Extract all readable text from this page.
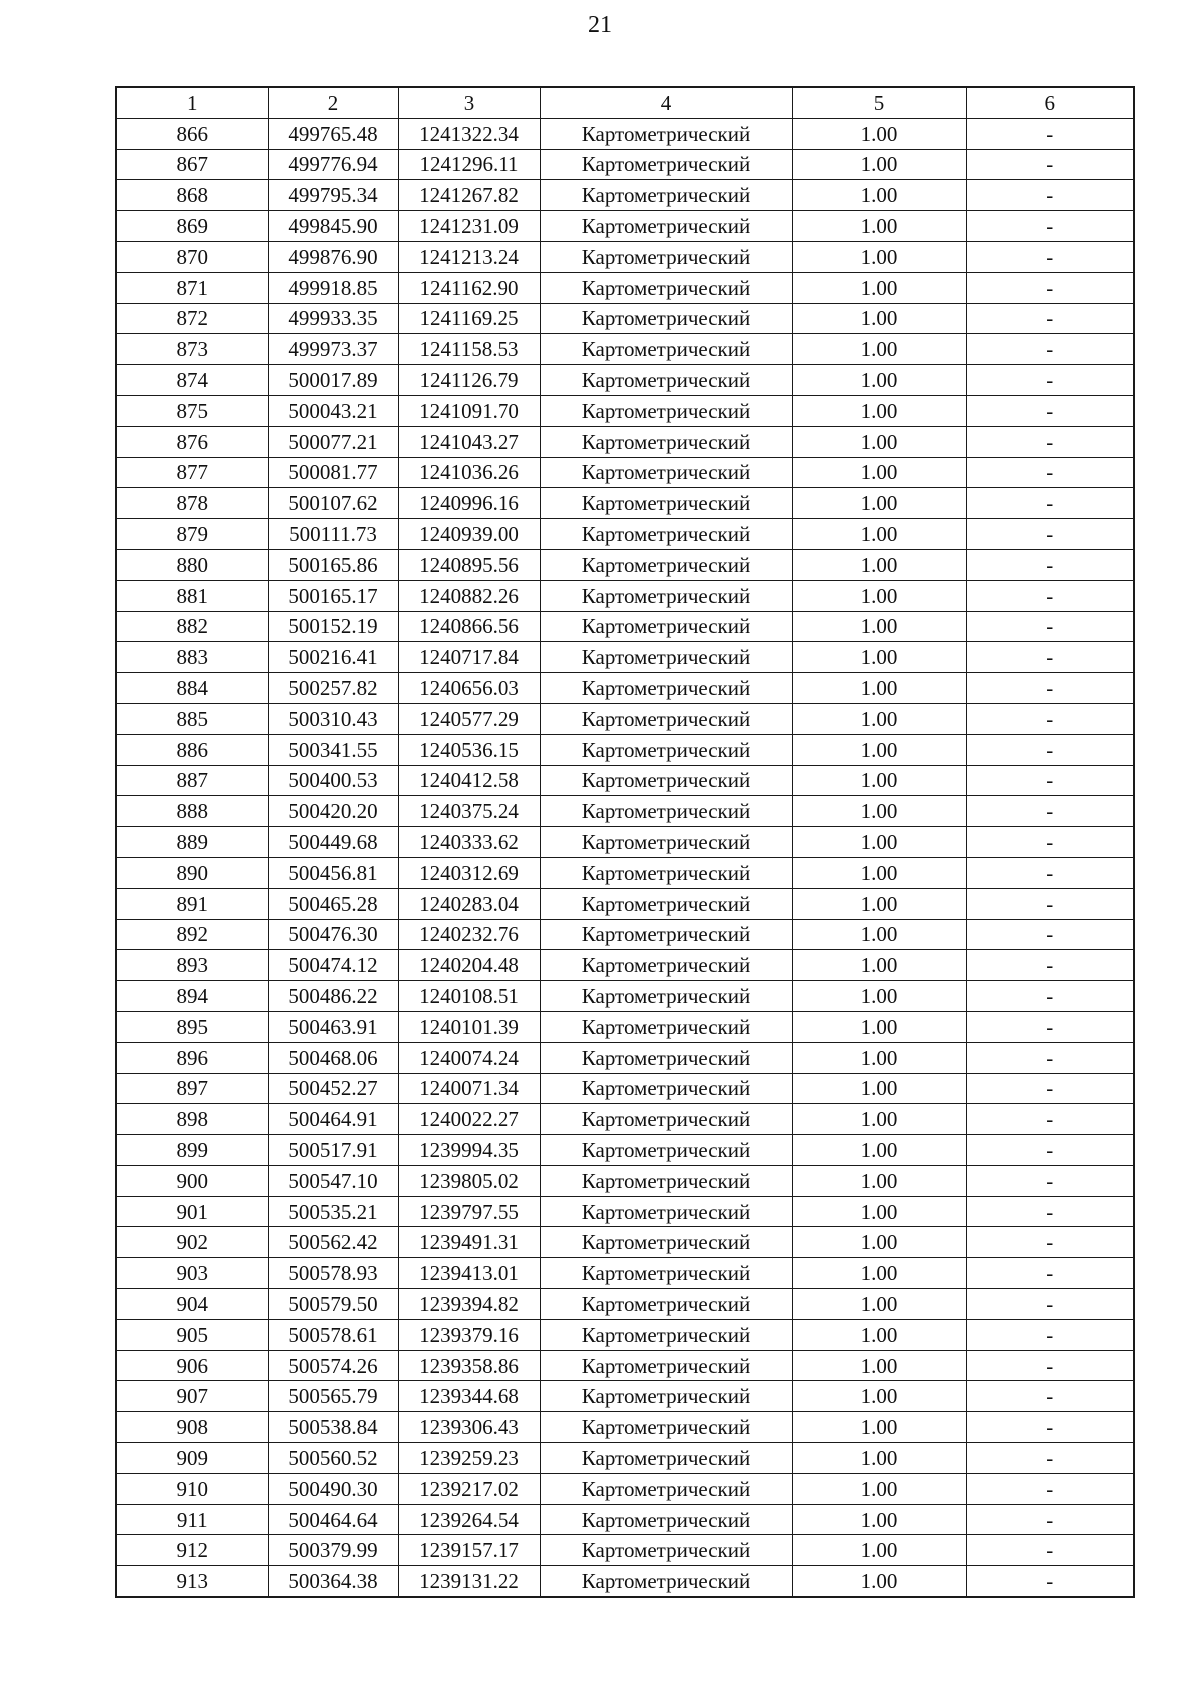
21
1	2	3	4	5	6
866	499765.48	1241322.34	Картометрический	1.00	-
867	499776.94	1241296.11	Картометрический	1.00	-
868	499795.34	1241267.82	Картометрический	1.00	-
869	499845.90	1241231.09	Картометрический	1.00	-
870	499876.90	1241213.24	Картометрический	1.00	-
871	499918.85	1241162.90	Картометрический	1.00	-
872	499933.35	1241169.25	Картометрический	1.00	-
873	499973.37	1241158.53	Картометрический	1.00	-
874	500017.89	1241126.79	Картометрический	1.00	-
875	500043.21	1241091.70	Картометрический	1.00	-
876	500077.21	1241043.27	Картометрический	1.00	-
877	500081.77	1241036.26	Картометрический	1.00	-
878	500107.62	1240996.16	Картометрический	1.00	-
879	500111.73	1240939.00	Картометрический	1.00	-
880	500165.86	1240895.56	Картометрический	1.00	-
881	500165.17	1240882.26	Картометрический	1.00	-
882	500152.19	1240866.56	Картометрический	1.00	-
883	500216.41	1240717.84	Картометрический	1.00	-
884	500257.82	1240656.03	Картометрический	1.00	-
885	500310.43	1240577.29	Картометрический	1.00	-
886	500341.55	1240536.15	Картометрический	1.00	-
887	500400.53	1240412.58	Картометрический	1.00	-
888	500420.20	1240375.24	Картометрический	1.00	-
889	500449.68	1240333.62	Картометрический	1.00	-
890	500456.81	1240312.69	Картометрический	1.00	-
891	500465.28	1240283.04	Картометрический	1.00	-
892	500476.30	1240232.76	Картометрический	1.00	-
893	500474.12	1240204.48	Картометрический	1.00	-
894	500486.22	1240108.51	Картометрический	1.00	-
895	500463.91	1240101.39	Картометрический	1.00	-
896	500468.06	1240074.24	Картометрический	1.00	-
897	500452.27	1240071.34	Картометрический	1.00	-
898	500464.91	1240022.27	Картометрический	1.00	-
899	500517.91	1239994.35	Картометрический	1.00	-
900	500547.10	1239805.02	Картометрический	1.00	-
901	500535.21	1239797.55	Картометрический	1.00	-
902	500562.42	1239491.31	Картометрический	1.00	-
903	500578.93	1239413.01	Картометрический	1.00	-
904	500579.50	1239394.82	Картометрический	1.00	-
905	500578.61	1239379.16	Картометрический	1.00	-
906	500574.26	1239358.86	Картометрический	1.00	-
907	500565.79	1239344.68	Картометрический	1.00	-
908	500538.84	1239306.43	Картометрический	1.00	-
909	500560.52	1239259.23	Картометрический	1.00	-
910	500490.30	1239217.02	Картометрический	1.00	-
911	500464.64	1239264.54	Картометрический	1.00	-
912	500379.99	1239157.17	Картометрический	1.00	-
913	500364.38	1239131.22	Картометрический	1.00	-
